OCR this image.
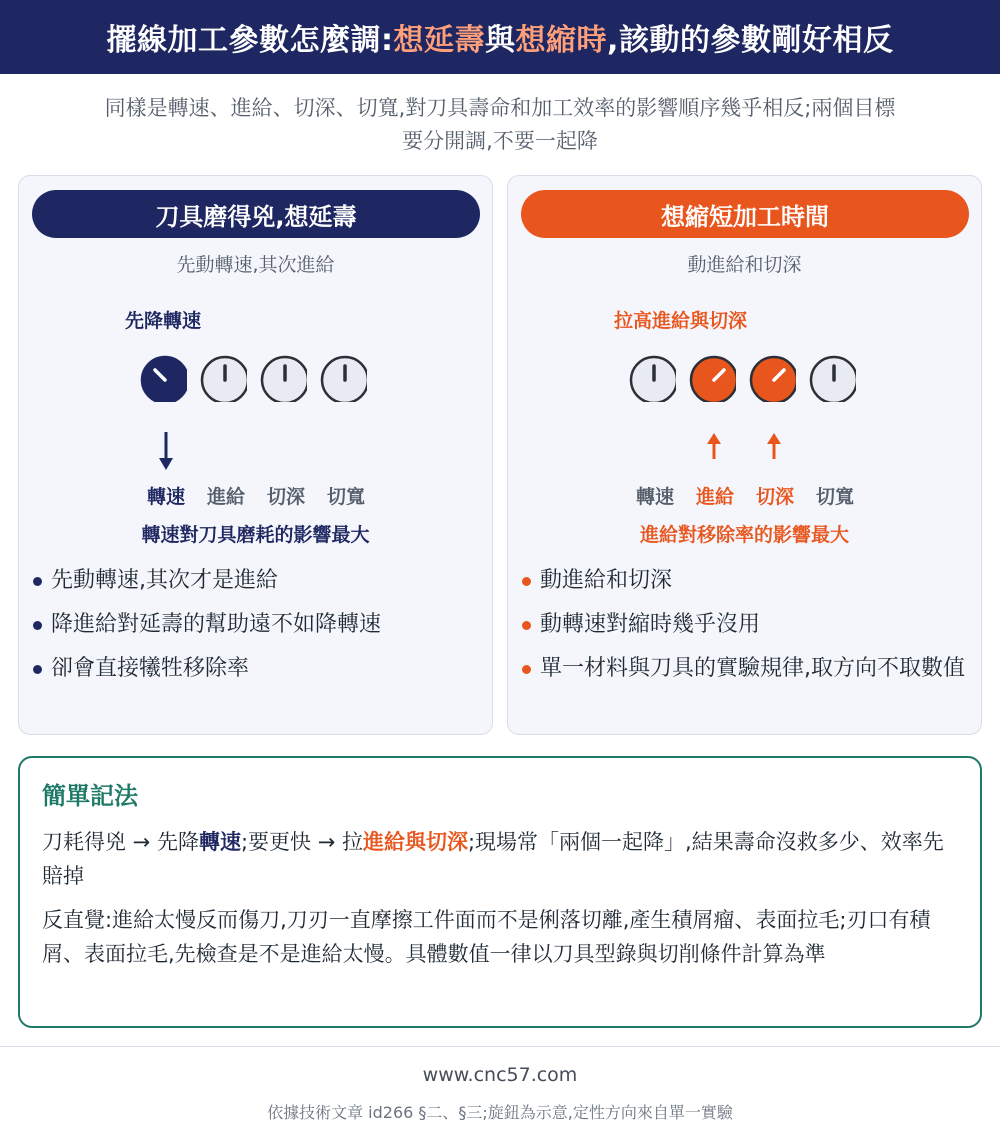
擺線加工參數怎麼調: 想延壽 與 想縮時 ,該動的參數剛好相反
同樣是轉速、進給、切深、切寬,對刀具壽命和加工效率的影響順序幾乎相反;兩個目標
要分開調,不要一起降
刀具磨得兇,想延壽
先動轉速,其次進給
先降轉速
轉速	進給	切深	切寬
轉速對刀具磨耗的影響最大
先動轉速,其次才是進給
降進給對延壽的幫助遠不如降轉速
卻會直接犧牲移除率
想縮短加工時間
動進給和切深
拉高進給與切深
轉速	進給	切深	切寬
進給對移除率的影響最大
動進給和切深
動轉速對縮時幾乎沒用
單一材料與刀具的實驗規律,取方向不取數值
簡單記法

刀耗得兇 → 先降轉速;要更快 → 拉進給與切深;現場常「兩個一起降」,結果壽命沒救多少、效率先賠掉

反直覺:進給太慢反而傷刀,刀刃一直摩擦工件面而不是俐落切離,產生積屑瘤、表面拉毛;刃口有積屑、表面拉毛,先檢查是不是進給太慢。具體數值一律以刀具型錄與切削條件計算為準

www.cnc57.com
依據技術文章 id266 §二、§三;旋鈕為示意,定性方向來自單一實驗
